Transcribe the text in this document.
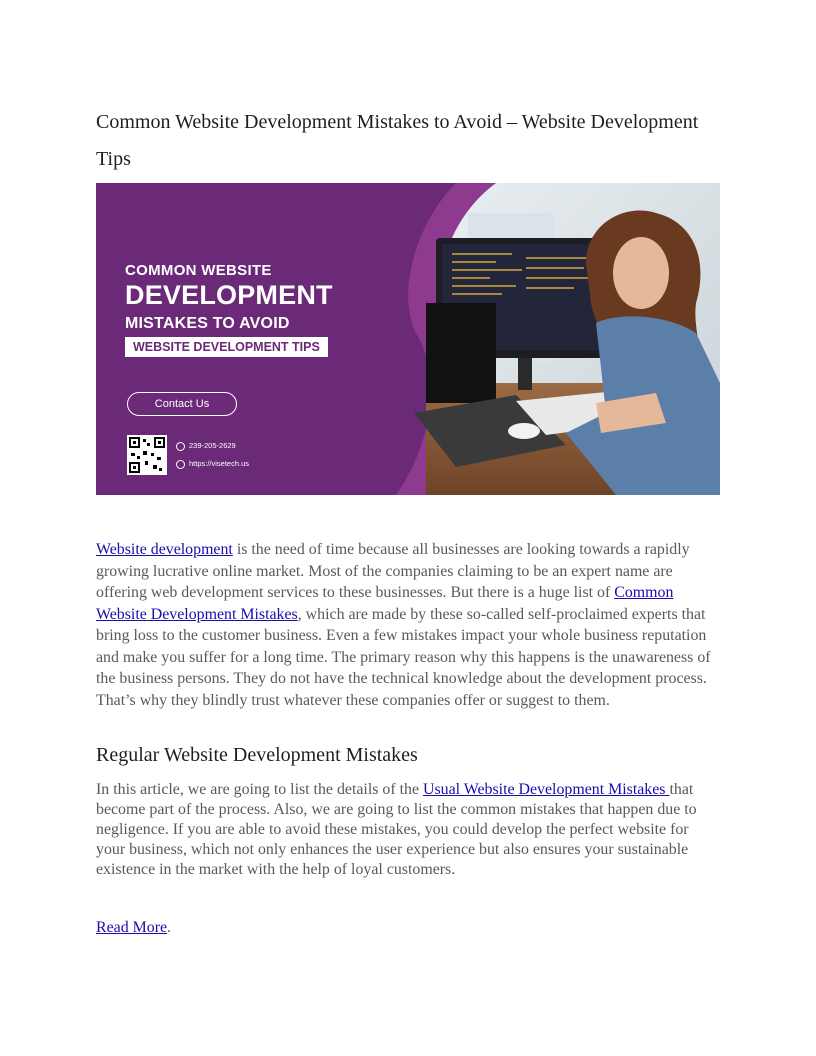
Common Website Development Mistakes to Avoid – Website Development Tips
COMMON WEBSITE
DEVELOPMENT
MISTAKES TO AVOID
WEBSITE DEVELOPMENT TIPS
Contact Us
239-205-2629
https://visetech.us

Website development is the need of time because all businesses are looking towards a rapidly growing lucrative online market. Most of the companies claiming to be an expert name are offering web development services to these businesses. But there is a huge list of Common Website Development Mistakes, which are made by these so-called self-proclaimed experts that bring loss to the customer business. Even a few mistakes impact your whole business reputation and make you suffer for a long time. The primary reason why this happens is the unawareness of the business persons. They do not have the technical knowledge about the development process. That’s why they blindly trust whatever these companies offer or suggest to them.

Regular Website Development Mistakes

In this article, we are going to list the details of the Usual Website Development Mistakes that become part of the process. Also, we are going to list the common mistakes that happen due to negligence. If you are able to avoid these mistakes, you could develop the perfect website for your business, which not only enhances the user experience but also ensures your sustainable existence in the market with the help of loyal customers.

Read More.
